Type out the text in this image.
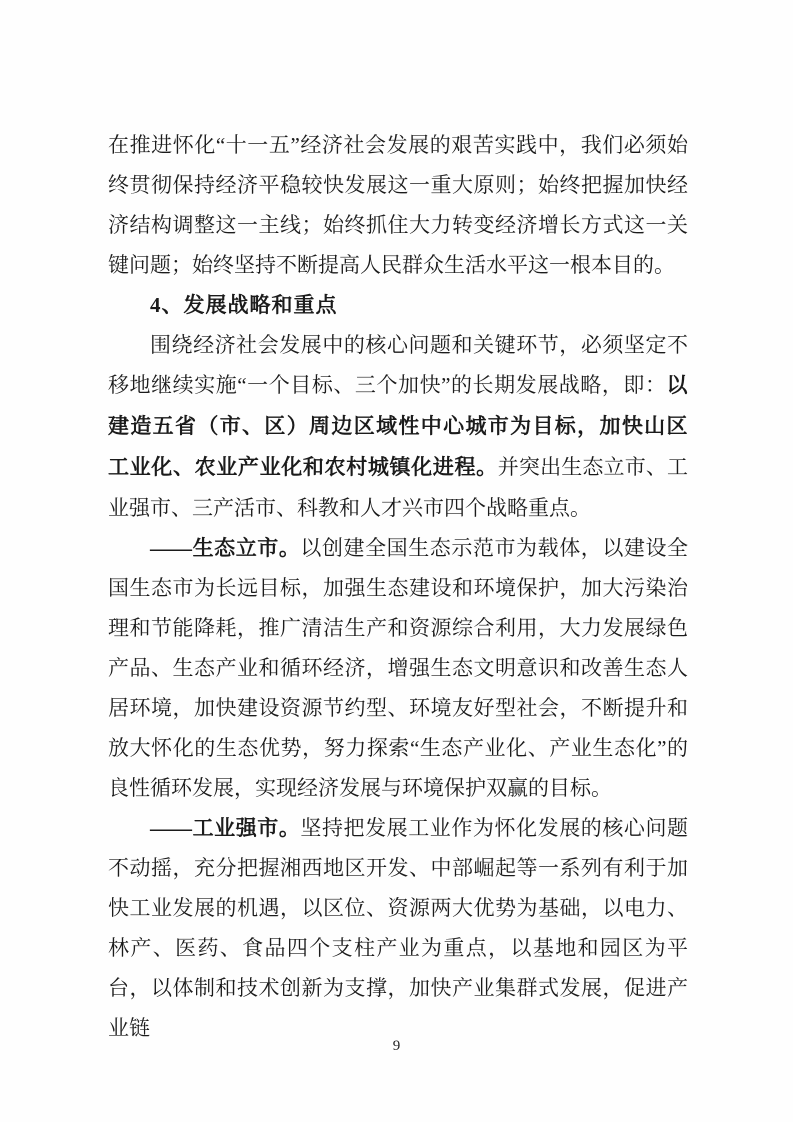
在推进怀化“十一五”经济社会发展的艰苦实践中，我们必须始终贯彻保持经济平稳较快发展这一重大原则；始终把握加快经济结构调整这一主线；始终抓住大力转变经济增长方式这一关键问题；始终坚持不断提高人民群众生活水平这一根本目的。

4、发展战略和重点

围绕经济社会发展中的核心问题和关键环节，必须坚定不移地继续实施“一个目标、三个加快”的长期发展战略，即：以建造五省（市、区）周边区域性中心城市为目标，加快山区工业化、农业产业化和农村城镇化进程。并突出生态立市、工业强市、三产活市、科教和人才兴市四个战略重点。

——生态立市。以创建全国生态示范市为载体，以建设全国生态市为长远目标，加强生态建设和环境保护，加大污染治理和节能降耗，推广清洁生产和资源综合利用，大力发展绿色产品、生态产业和循环经济，增强生态文明意识和改善生态人居环境，加快建设资源节约型、环境友好型社会，不断提升和放大怀化的生态优势，努力探索“生态产业化、产业生态化”的良性循环发展，实现经济发展与环境保护双赢的目标。

——工业强市。坚持把发展工业作为怀化发展的核心问题不动摇，充分把握湘西地区开发、中部崛起等一系列有利于加快工业发展的机遇，以区位、资源两大优势为基础，以电力、林产、医药、食品四个支柱产业为重点，以基地和园区为平台，以体制和技术创新为支撑，加快产业集群式发展，促进产业链

9
